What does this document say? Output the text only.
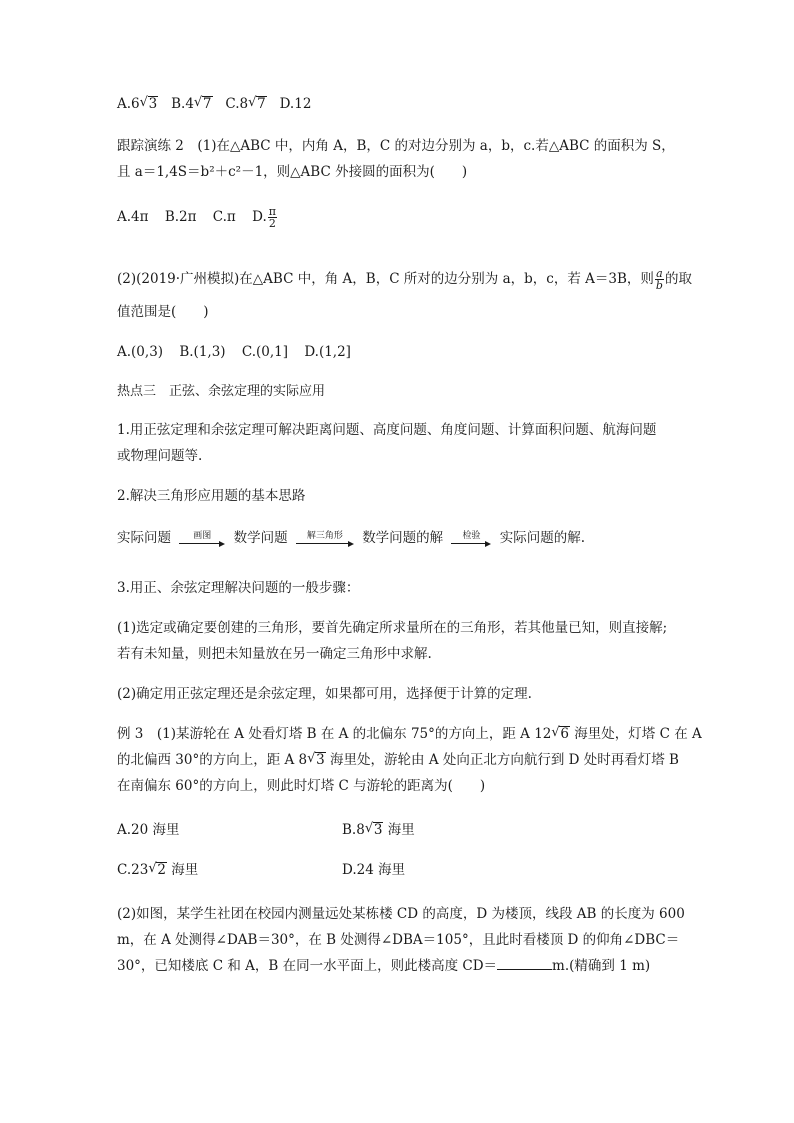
A.6 √ 3 B.4 √ 7 C.8 √ 7 D.12
跟踪演练 2　(1)在△ABC 中，内角 A，B，C 的对边分别为 a，b，c.若△ABC 的面积为 S，
且 a＝1,4S＝b²＋c²－1，则△ABC 外接圆的面积为(　　)
A.4π B.2π C.π D. $\frac{\pi}{2}$
(2)(2019·广州模拟)在△ABC 中，角 A，B，C 所对的边分别为 a，b，c，若 A＝3B，则 $\frac{a}{b}$ 的取
值范围是(　　)
A.(0,3) B.(1,3) C.(0,1] D.(1,2]
热点三　正弦、余弦定理的实际应用
1.用正弦定理和余弦定理可解决距离问题、高度问题、角度问题、计算面积问题、航海问题
或物理问题等.
2.解决三角形应用题的基本思路
实际问题 画图 数学问题 解三角形 数学问题的解 检验 实际问题的解.
3.用正、余弦定理解决问题的一般步骤：
(1)选定或确定要创建的三角形，要首先确定所求量所在的三角形，若其他量已知，则直接解;
若有未知量，则把未知量放在另一确定三角形中求解.
(2)确定用正弦定理还是余弦定理，如果都可用，选择便于计算的定理.
例 3　(1)某游轮在 A 处看灯塔 B 在 A 的北偏东 75°的方向上，距 A 12 √ 6 海里处，灯塔 C 在 A
的北偏西 30°的方向上，距 A 8 √ 3 海里处，游轮由 A 处向正北方向航行到 D 处时再看灯塔 B
在南偏东 60°的方向上，则此时灯塔 C 与游轮的距离为(　　)
A.20 海里	B.8 √ 3 海里
C.23 √ 2 海里	D.24 海里
(2)如图，某学生社团在校园内测量远处某栋楼 CD 的高度，D 为楼顶，线段 AB 的长度为 600
m，在 A 处测得∠DAB＝30°，在 B 处测得∠DBA＝105°，且此时看楼顶 D 的仰角∠DBC＝
30°，已知楼底 C 和 A，B 在同一水平面上，则此楼高度 CD＝	m.(精确到 1 m)
